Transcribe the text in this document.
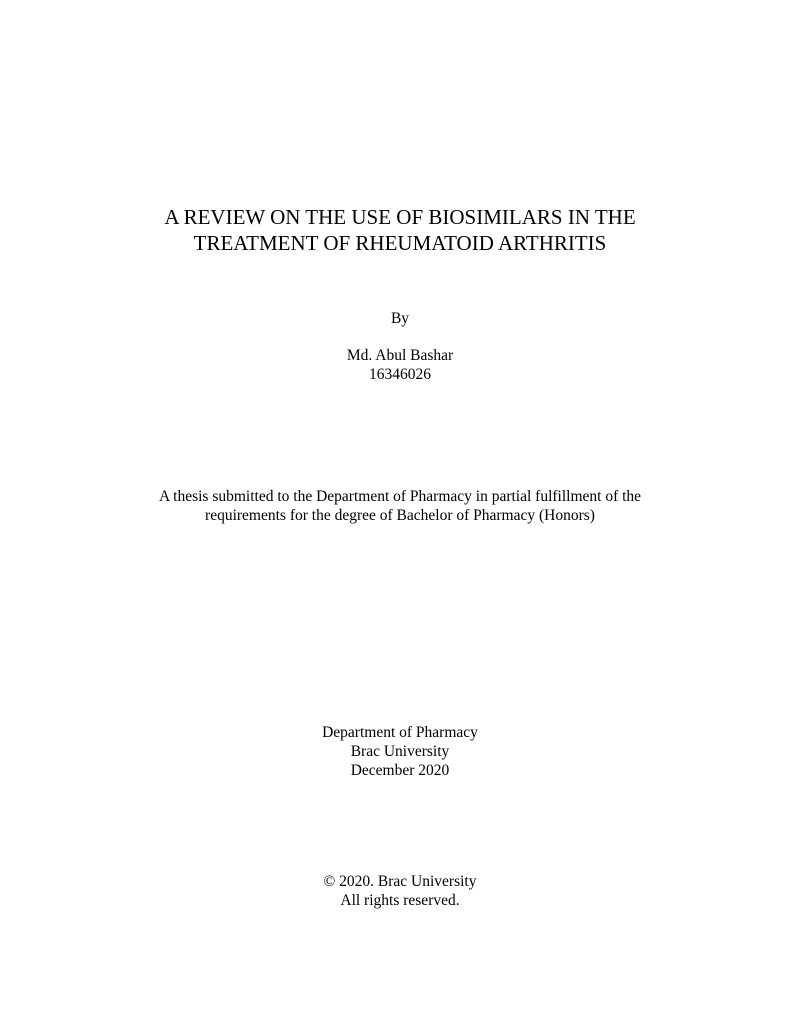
A REVIEW ON THE USE OF BIOSIMILARS IN THE
TREATMENT OF RHEUMATOID ARTHRITIS
By
Md. Abul Bashar
16346026
A thesis submitted to the Department of Pharmacy in partial fulfillment of the
requirements for the degree of Bachelor of Pharmacy (Honors)
Department of Pharmacy
Brac University
December 2020
© 2020. Brac University
All rights reserved.
